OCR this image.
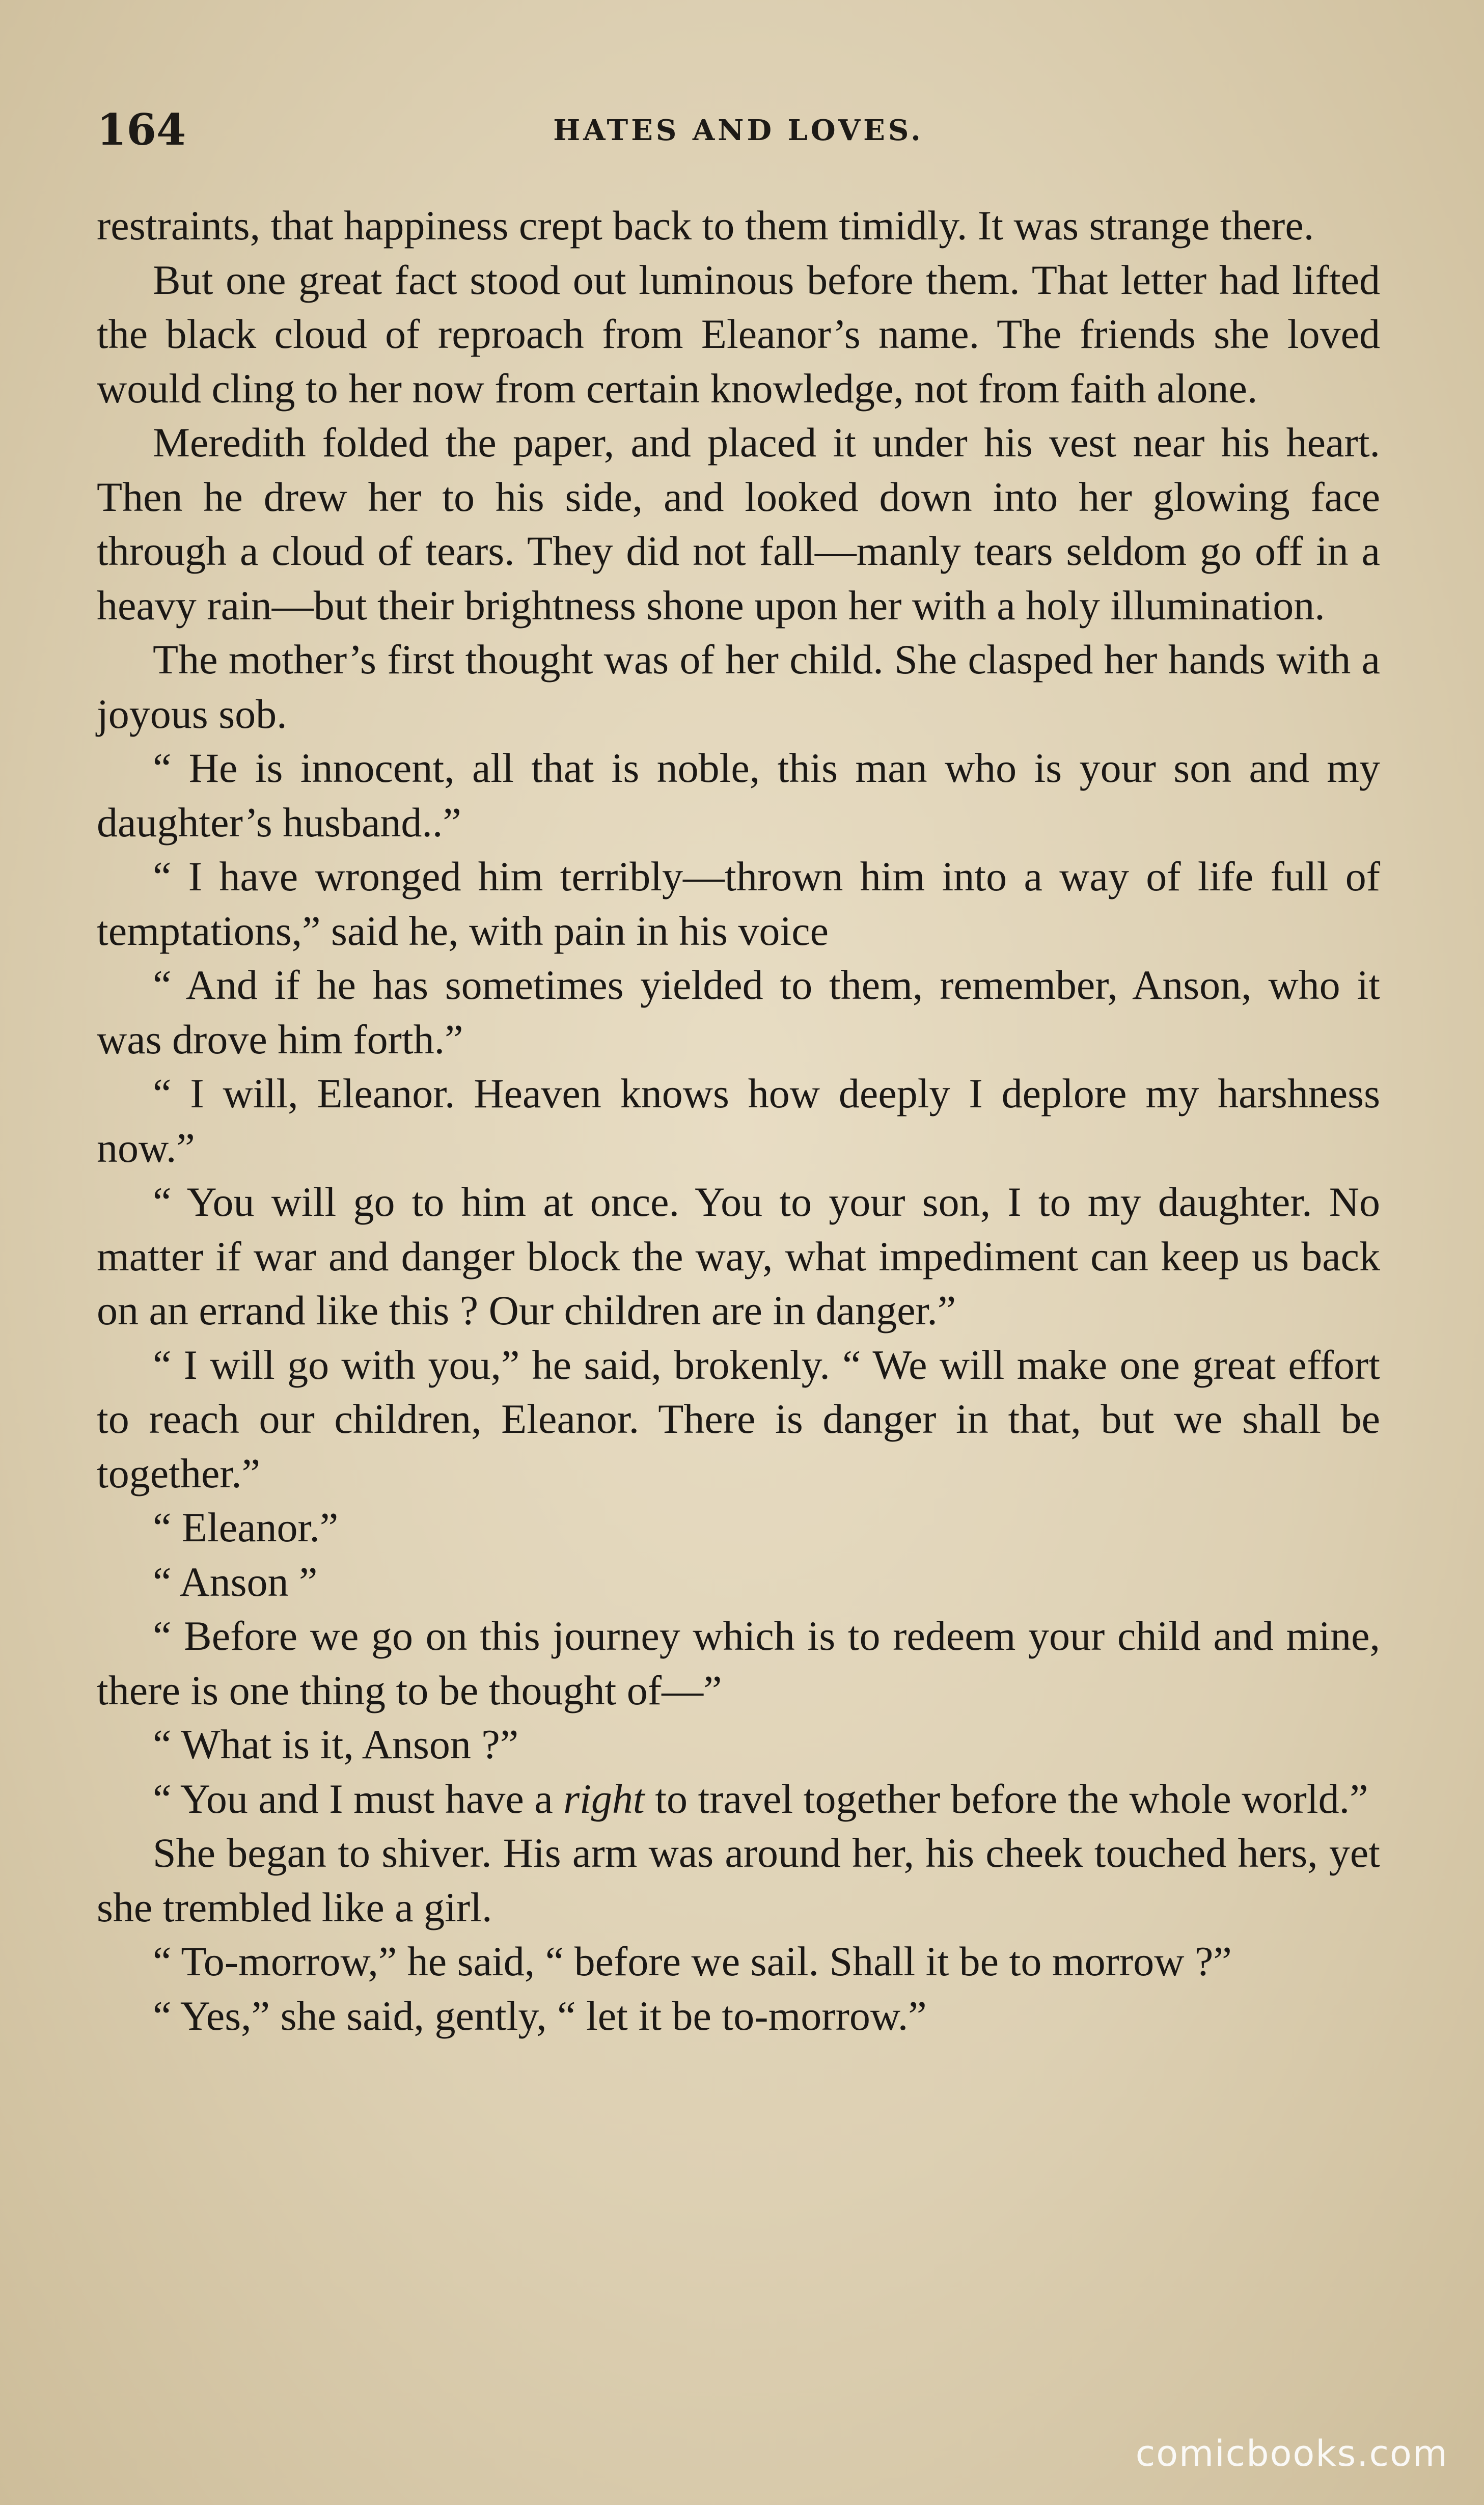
164	HATES AND LOVES.

restraints, that happiness crept back to them timidly. It was strange there.

But one great fact stood out luminous before them. That letter had lifted the black cloud of reproach from Eleanor’s name. The friends she loved would cling to her now from certain knowledge, not from faith alone.

Meredith folded the paper, and placed it under his vest near his heart. Then he drew her to his side, and looked down into her glowing face through a cloud of tears. They did not fall—manly tears seldom go off in a heavy rain—but their brightness shone upon her with a holy illumination.

The mother’s first thought was of her child. She clasped her hands with a joyous sob.

“ He is innocent, all that is noble, this man who is your son and my daughter’s husband..”

“ I have wronged him terribly—thrown him into a way of life full of temptations,” said he, with pain in his voice

“ And if he has sometimes yielded to them, remember, Anson, who it was drove him forth.”

“ I will, Eleanor. Heaven knows how deeply I deplore my harshness now.”

“ You will go to him at once. You to your son, I to my daughter. No matter if war and danger block the way, what impediment can keep us back on an errand like this ? Our children are in danger.”

“ I will go with you,” he said, brokenly. “ We will make one great effort to reach our children, Eleanor. There is danger in that, but we shall be together.”

“ Eleanor.”

“ Anson ”

“ Before we go on this journey which is to redeem your child and mine, there is one thing to be thought of—”

“ What is it, Anson ?”

“ You and I must have a right to travel together before the whole world.”

She began to shiver. His arm was around her, his cheek touched hers, yet she trembled like a girl.

“ To-morrow,” he said, “ before we sail. Shall it be to morrow ?”

“ Yes,” she said, gently, “ let it be to-morrow.”

comicbooks.com
